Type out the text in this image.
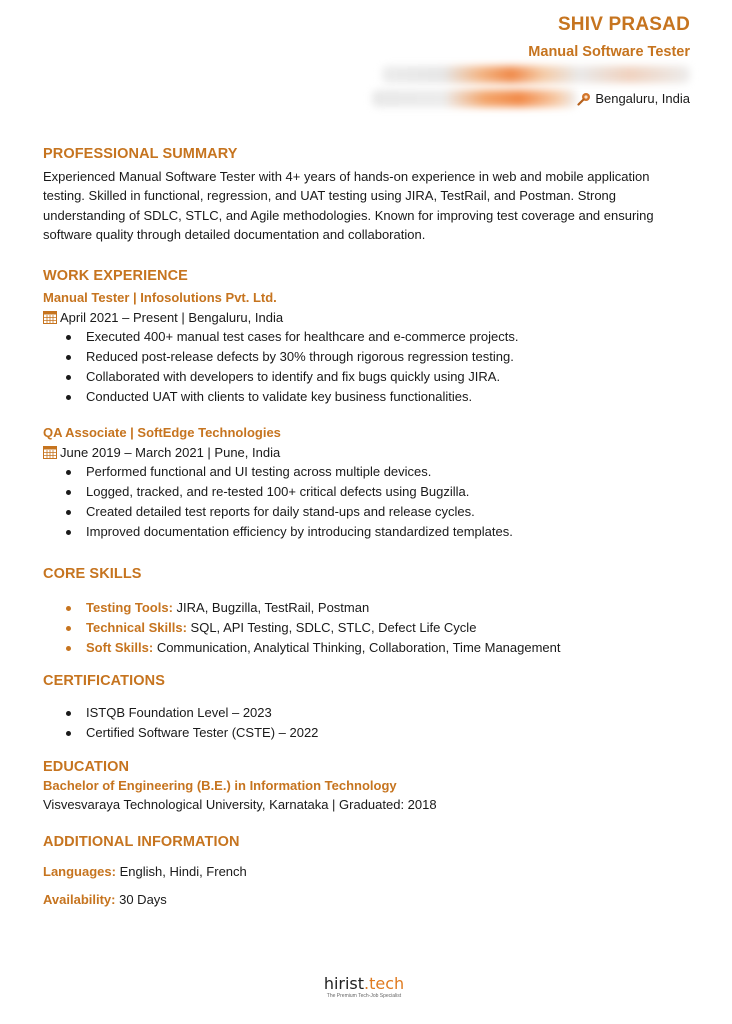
SHIV PRASAD
Manual Software Tester
Bengaluru, India
PROFESSIONAL SUMMARY

Experienced Manual Software Tester with 4+ years of hands-on experience in web and mobile application testing. Skilled in functional, regression, and UAT testing using JIRA, TestRail, and Postman. Strong understanding of SDLC, STLC, and Agile methodologies. Known for improving test coverage and ensuring software quality through detailed documentation and collaboration.

WORK EXPERIENCE
Manual Tester | Infosolutions Pvt. Ltd.
April 2021 – Present | Bengaluru, India
Executed 400+ manual test cases for healthcare and e-commerce projects.
Reduced post-release defects by 30% through rigorous regression testing.
Collaborated with developers to identify and fix bugs quickly using JIRA.
Conducted UAT with clients to validate key business functionalities.
QA Associate | SoftEdge Technologies
June 2019 – March 2021 | Pune, India
Performed functional and UI testing across multiple devices.
Logged, tracked, and re-tested 100+ critical defects using Bugzilla.
Created detailed test reports for daily stand-ups and release cycles.
Improved documentation efficiency by introducing standardized templates.
CORE SKILLS
Testing Tools: JIRA, Bugzilla, TestRail, Postman
Technical Skills: SQL, API Testing, SDLC, STLC, Defect Life Cycle
Soft Skills: Communication, Analytical Thinking, Collaboration, Time Management
CERTIFICATIONS
ISTQB Foundation Level – 2023
Certified Software Tester (CSTE) – 2022
EDUCATION
Bachelor of Engineering (B.E.) in Information Technology
Visvesvaraya Technological University, Karnataka | Graduated: 2018
ADDITIONAL INFORMATION
Languages: English, Hindi, French
Availability: 30 Days
hirist.tech
The Premium Tech-Job Specialist
